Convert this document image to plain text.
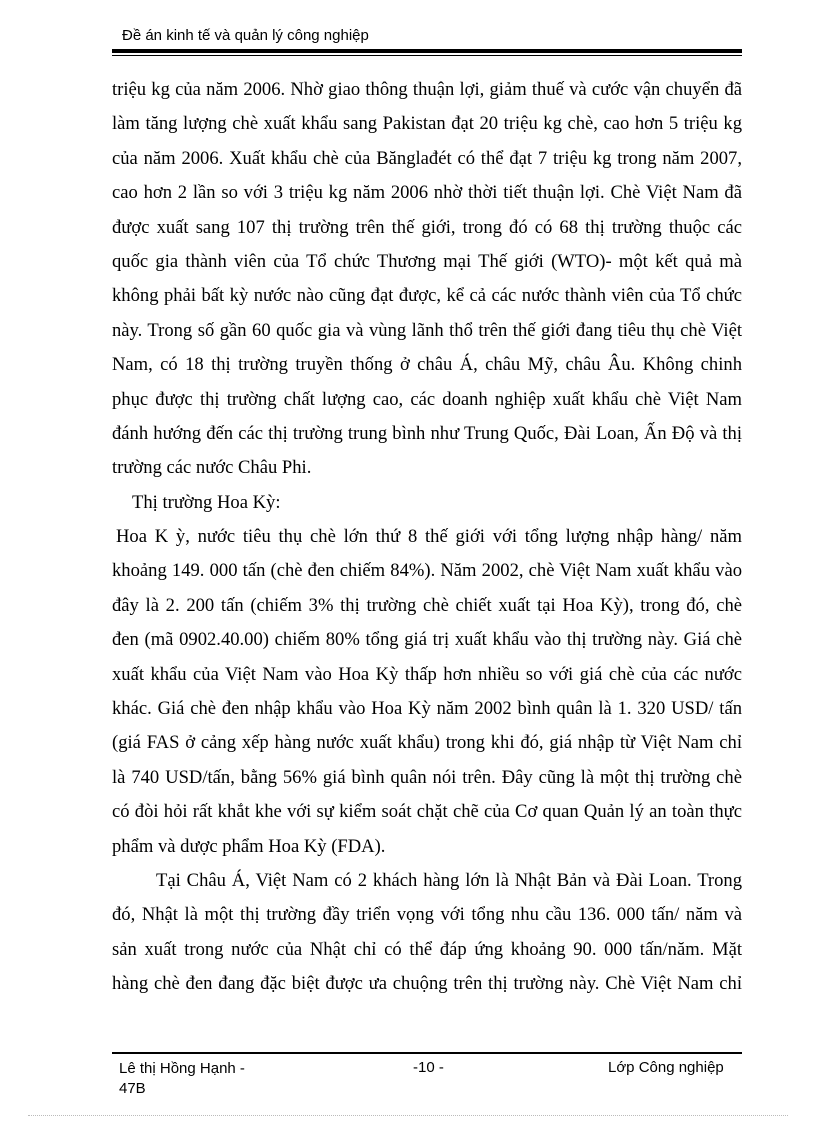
Đề án kinh tế và quản lý công nghiệp
triệu kg của năm 2006. Nhờ giao thông thuận lợi, giảm thuế và cước vận chuyển đã
làm tăng lượng chè xuất khẩu sang Pakistan đạt 20 triệu kg chè, cao hơn 5 triệu kg
của năm 2006. Xuất khẩu chè của Bănglađét có thể đạt 7 triệu kg trong năm 2007,
cao hơn 2 lần so với 3 triệu kg năm 2006 nhờ thời tiết thuận lợi. Chè Việt Nam đã
được xuất sang 107 thị trường trên thế giới, trong đó có 68 thị trường thuộc các
quốc gia thành viên của Tổ chức Thương mại Thế giới (WTO)- một kết quả mà
không phải bất kỳ nước nào cũng đạt được, kể cả các nước thành viên của Tổ chức
này. Trong số gần 60 quốc gia và vùng lãnh thổ trên thế giới đang tiêu thụ chè Việt
Nam, có 18 thị trường truyền thống ở châu Á, châu Mỹ, châu Âu. Không chinh
phục được thị trường chất lượng cao, các doanh nghiệp xuất khẩu chè Việt Nam
đánh hướng đến các thị trường trung bình như Trung Quốc, Đài Loan, Ấn Độ và thị
trường các nước Châu Phi.
Thị trường Hoa Kỳ:
Hoa K ỳ, nước tiêu thụ chè lớn thứ 8 thế giới với tổng lượng nhập hàng/ năm
khoảng 149. 000 tấn (chè đen chiếm 84%). Năm 2002, chè Việt Nam xuất khẩu vào
đây là 2. 200 tấn (chiếm 3% thị trường chè chiết xuất tại Hoa Kỳ), trong đó, chè
đen (mã 0902.40.00) chiếm 80% tổng giá trị xuất khẩu vào thị trường này. Giá chè
xuất khẩu của Việt Nam vào Hoa Kỳ thấp hơn nhiều so với giá chè của các nước
khác. Giá chè đen nhập khẩu vào Hoa Kỳ năm 2002 bình quân là 1. 320 USD/ tấn
(giá FAS ở cảng xếp hàng nước xuất khẩu) trong khi đó, giá nhập từ Việt Nam chỉ
là 740 USD/tấn, bằng 56% giá bình quân nói trên. Đây cũng là một thị trường chè
có đòi hỏi rất khắt khe với sự kiểm soát chặt chẽ của Cơ quan Quản lý an toàn thực
phẩm và dược phẩm Hoa Kỳ (FDA).
Tại Châu Á, Việt Nam có 2 khách hàng lớn là Nhật Bản và Đài Loan. Trong
đó, Nhật là một thị trường đầy triển vọng với tổng nhu cầu 136. 000 tấn/ năm và
sản xuất trong nước của Nhật chỉ có thể đáp ứng khoảng 90. 000 tấn/năm. Mặt
hàng chè đen đang đặc biệt được ưa chuộng trên thị trường này. Chè Việt Nam chỉ
Lê thị Hồng Hạnh -
47B
-10 -	Lớp Công nghiệp
